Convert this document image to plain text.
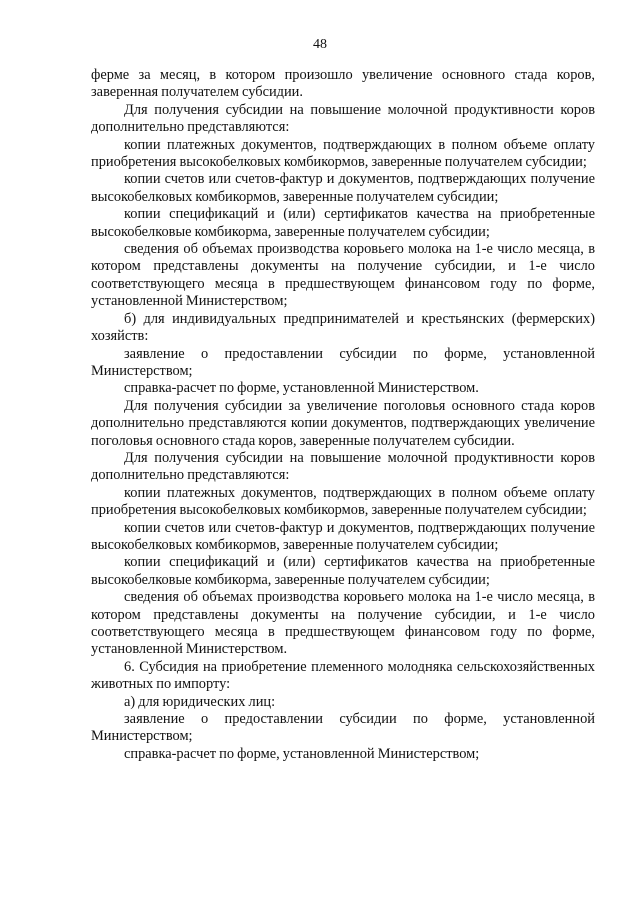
48

ферме за месяц, в котором произошло увеличение основного стада коров, заверенная получателем субсидии.

Для получения субсидии на повышение молочной продуктивности коров дополнительно представляются:

копии платежных документов, подтверждающих в полном объеме оплату приобретения высокобелковых комбикормов, заверенные получателем субсидии;

копии счетов или счетов-фактур и документов, подтверждающих получение высокобелковых комбикормов, заверенные получателем субсидии;

копии спецификаций и (или) сертификатов качества на приобретенные высокобелковые комбикорма, заверенные получателем субсидии;

сведения об объемах производства коровьего молока на 1-е число месяца, в котором представлены документы на получение субсидии, и 1-е число соответствующего месяца в предшествующем финансовом году по форме, установленной Министерством;

б) для индивидуальных предпринимателей и крестьянских (фермерских) хозяйств:

заявление о предоставлении субсидии по форме, установленной Министерством;

справка-расчет по форме, установленной Министерством.

Для получения субсидии за увеличение поголовья основного стада коров дополнительно представляются копии документов, подтверждающих увеличение поголовья основного стада коров, заверенные получателем субсидии.

Для получения субсидии на повышение молочной продуктивности коров дополнительно представляются:

копии платежных документов, подтверждающих в полном объеме оплату приобретения высокобелковых комбикормов, заверенные получателем субсидии;

копии счетов или счетов-фактур и документов, подтверждающих получение высокобелковых комбикормов, заверенные получателем субсидии;

копии спецификаций и (или) сертификатов качества на приобретенные высокобелковые комбикорма, заверенные получателем субсидии;

сведения об объемах производства коровьего молока на 1-е число месяца, в котором представлены документы на получение субсидии, и 1-е число соответствующего месяца в предшествующем финансовом году по форме, установленной Министерством.

6. Субсидия на приобретение племенного молодняка сельскохозяйственных животных по импорту:

а) для юридических лиц:

заявление о предоставлении субсидии по форме, установленной Министерством;

справка-расчет по форме, установленной Министерством;
